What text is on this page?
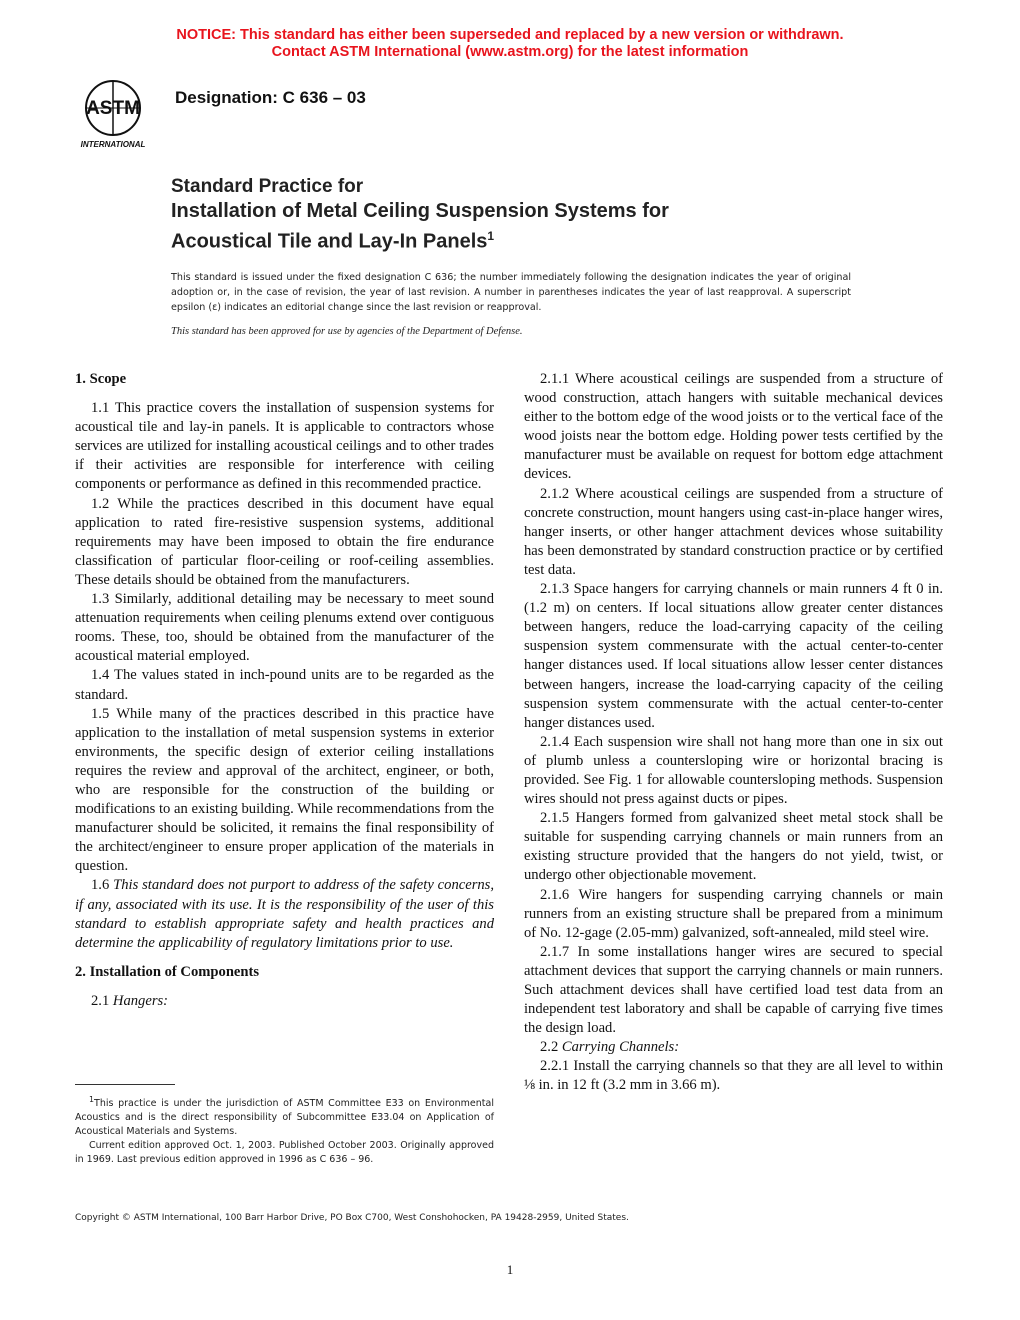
NOTICE: This standard has either been superseded and replaced by a new version or withdrawn.
Contact ASTM International (www.astm.org) for the latest information
ASTM
INTERNATIONAL
Designation: C 636 – 03
Standard Practice for
Installation of Metal Ceiling Suspension Systems for
Acoustical Tile and Lay-In Panels$^1$
This standard is issued under the fixed designation C 636; the number immediately following the designation indicates the year of original adoption or, in the case of revision, the year of last revision. A number in parentheses indicates the year of last reapproval. A superscript epsilon (ε) indicates an editorial change since the last revision or reapproval.
This standard has been approved for use by agencies of the Department of Defense.
1. Scope

1.1 This practice covers the installation of suspension systems for acoustical tile and lay-in panels. It is applicable to contractors whose services are utilized for installing acoustical ceilings and to other trades if their activities are responsible for interference with ceiling components or performance as defined in this recommended practice.

1.2 While the practices described in this document have equal application to rated fire-resistive suspension systems, additional requirements may have been imposed to obtain the fire endurance classification of particular floor-ceiling or roof-ceiling assemblies. These details should be obtained from the manufacturers.

1.3 Similarly, additional detailing may be necessary to meet sound attenuation requirements when ceiling plenums extend over contiguous rooms. These, too, should be obtained from the manufacturer of the acoustical material employed.

1.4 The values stated in inch-pound units are to be regarded as the standard.

1.5 While many of the practices described in this practice have application to the installation of metal suspension systems in exterior environments, the specific design of exterior ceiling installations requires the review and approval of the architect, engineer, or both, who are responsible for the construction of the building or modifications to an existing building. While recommendations from the manufacturer should be solicited, it remains the final responsibility of the architect/engineer to ensure proper application of the materials in question.

1.6 This standard does not purport to address of the safety concerns, if any, associated with its use. It is the responsibility of the user of this standard to establish appropriate safety and health practices and determine the applicability of regulatory limitations prior to use.

2. Installation of Components

2.1 Hangers:

2.1.1 Where acoustical ceilings are suspended from a structure of wood construction, attach hangers with suitable mechanical devices either to the bottom edge of the wood joists or to the vertical face of the wood joists near the bottom edge. Holding power tests certified by the manufacturer must be available on request for bottom edge attachment devices.

2.1.2 Where acoustical ceilings are suspended from a structure of concrete construction, mount hangers using cast-in-place hanger wires, hanger inserts, or other hanger attachment devices whose suitability has been demonstrated by standard construction practice or by certified test data.

2.1.3 Space hangers for carrying channels or main runners 4 ft 0 in. (1.2 m) on centers. If local situations allow greater center distances between hangers, reduce the load-carrying capacity of the ceiling suspension system commensurate with the actual center-to-center hanger distances used. If local situations allow lesser center distances between hangers, increase the load-carrying capacity of the ceiling suspension system commensurate with the actual center-to-center hanger distances used.

2.1.4 Each suspension wire shall not hang more than one in six out of plumb unless a countersloping wire or horizontal bracing is provided. See Fig. 1 for allowable countersloping methods. Suspension wires should not press against ducts or pipes.

2.1.5 Hangers formed from galvanized sheet metal stock shall be suitable for suspending carrying channels or main runners from an existing structure provided that the hangers do not yield, twist, or undergo other objectionable movement.

2.1.6 Wire hangers for suspending carrying channels or main runners from an existing structure shall be prepared from a minimum of No. 12-gage (2.05-mm) galvanized, soft-annealed, mild steel wire.

2.1.7 In some installations hanger wires are secured to special attachment devices that support the carrying channels or main runners. Such attachment devices shall have certified load test data from an independent test laboratory and shall be capable of carrying five times the design load.

2.2 Carrying Channels:

2.2.1 Install the carrying channels so that they are all level to within ⅛ in. in 12 ft (3.2 mm in 3.66 m).

$^1$This practice is under the jurisdiction of ASTM Committee E33 on Environmental Acoustics and is the direct responsibility of Subcommittee E33.04 on Application of Acoustical Materials and Systems.

Current edition approved Oct. 1, 2003. Published October 2003. Originally approved in 1969. Last previous edition approved in 1996 as C 636 – 96.

Copyright © ASTM International, 100 Barr Harbor Drive, PO Box C700, West Conshohocken, PA 19428-2959, United States.
1
